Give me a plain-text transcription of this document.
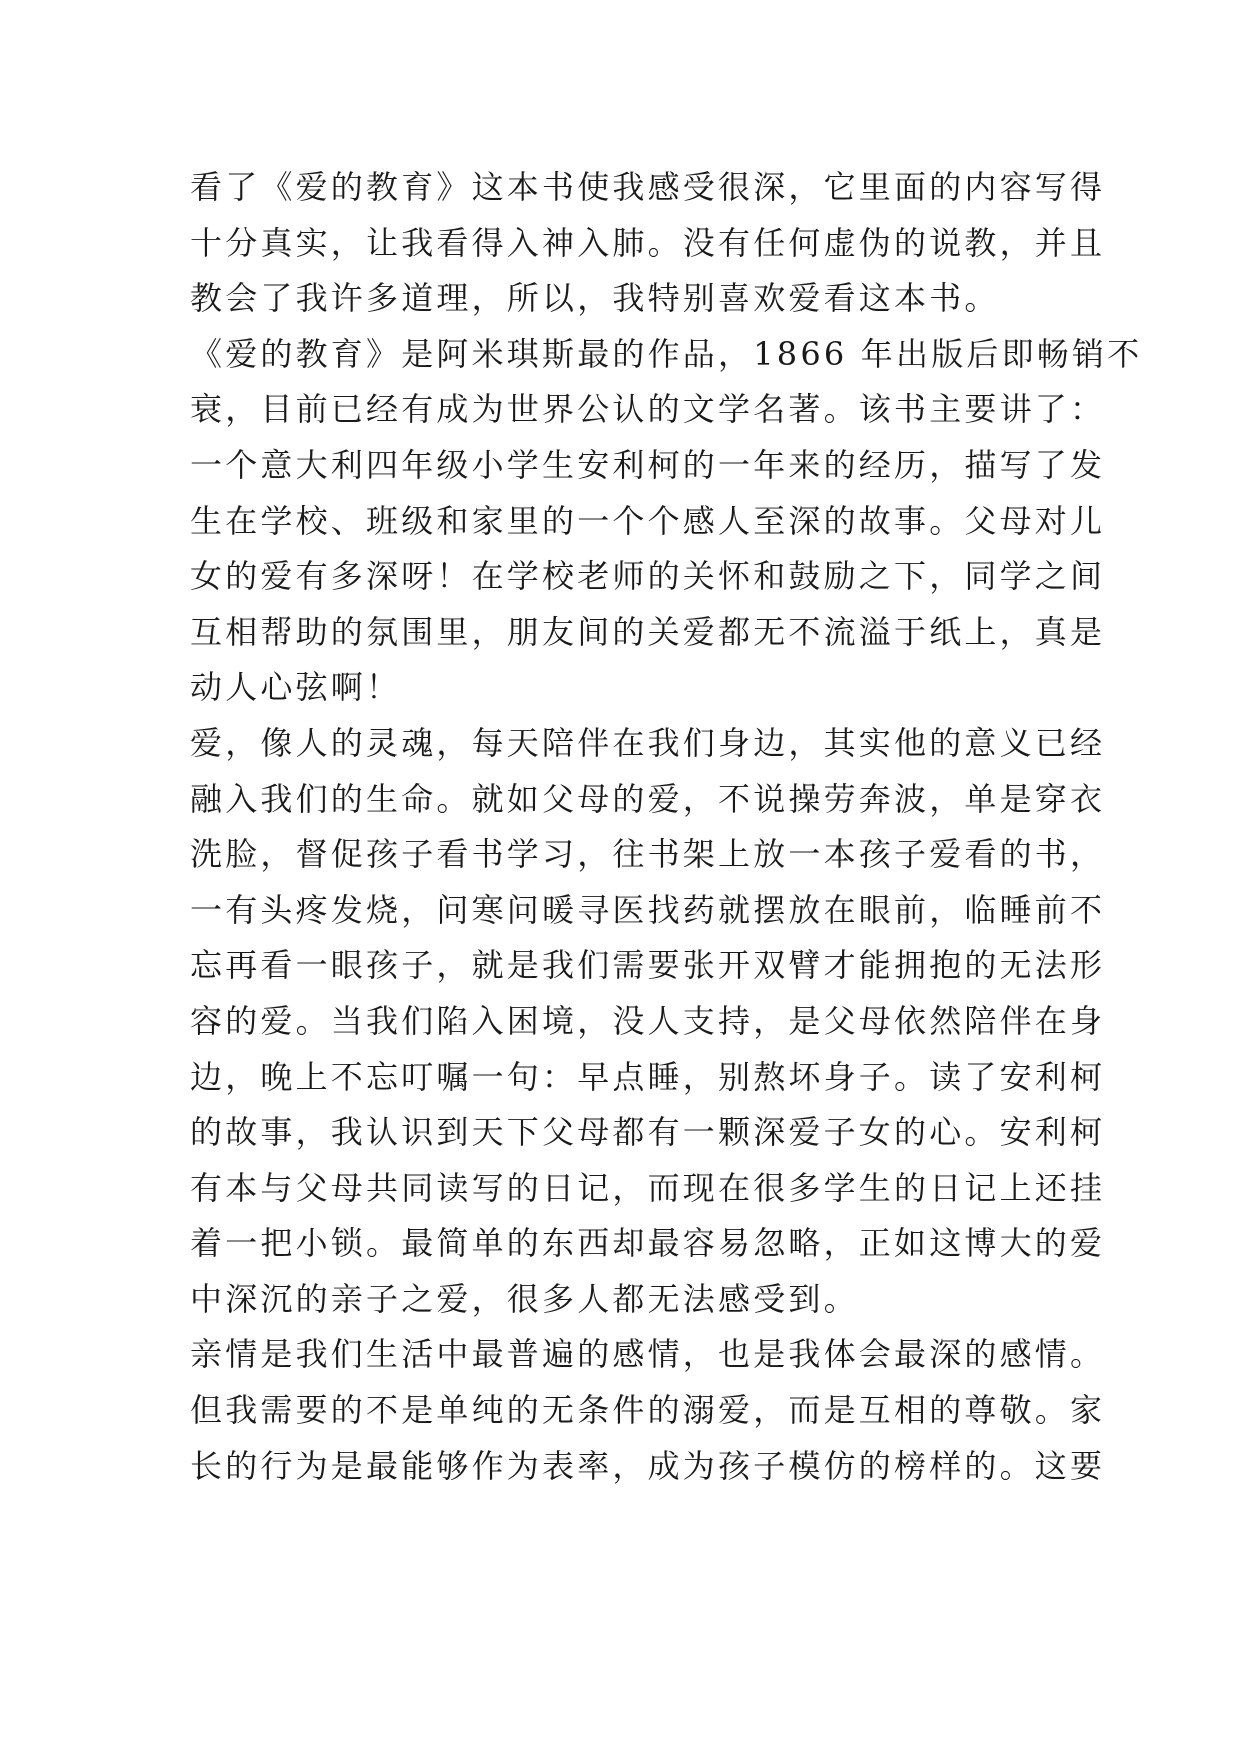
看了《爱的教育》这本书使我感受很深，它里面的内容写得
十分真实，让我看得入神入肺。没有任何虚伪的说教，并且
教会了我许多道理，所以，我特别喜欢爱看这本书。
《爱的教育》是阿米琪斯最的作品，1866 年出版后即畅销不
衰，目前已经有成为世界公认的文学名著。该书主要讲了：
一个意大利四年级小学生安利柯的一年来的经历，描写了发
生在学校、班级和家里的一个个感人至深的故事。父母对儿
女的爱有多深呀！在学校老师的关怀和鼓励之下，同学之间
互相帮助的氛围里，朋友间的关爱都无不流溢于纸上，真是
动人心弦啊！
爱，像人的灵魂，每天陪伴在我们身边，其实他的意义已经
融入我们的生命。就如父母的爱，不说操劳奔波，单是穿衣
洗脸，督促孩子看书学习，往书架上放一本孩子爱看的书，
一有头疼发烧，问寒问暖寻医找药就摆放在眼前，临睡前不
忘再看一眼孩子，就是我们需要张开双臂才能拥抱的无法形
容的爱。当我们陷入困境，没人支持，是父母依然陪伴在身
边，晚上不忘叮嘱一句：早点睡，别熬坏身子。读了安利柯
的故事，我认识到天下父母都有一颗深爱子女的心。安利柯
有本与父母共同读写的日记，而现在很多学生的日记上还挂
着一把小锁。最简单的东西却最容易忽略，正如这博大的爱
中深沉的亲子之爱，很多人都无法感受到。
亲情是我们生活中最普遍的感情，也是我体会最深的感情。
但我需要的不是单纯的无条件的溺爱，而是互相的尊敬。家
长的行为是最能够作为表率，成为孩子模仿的榜样的。这要
